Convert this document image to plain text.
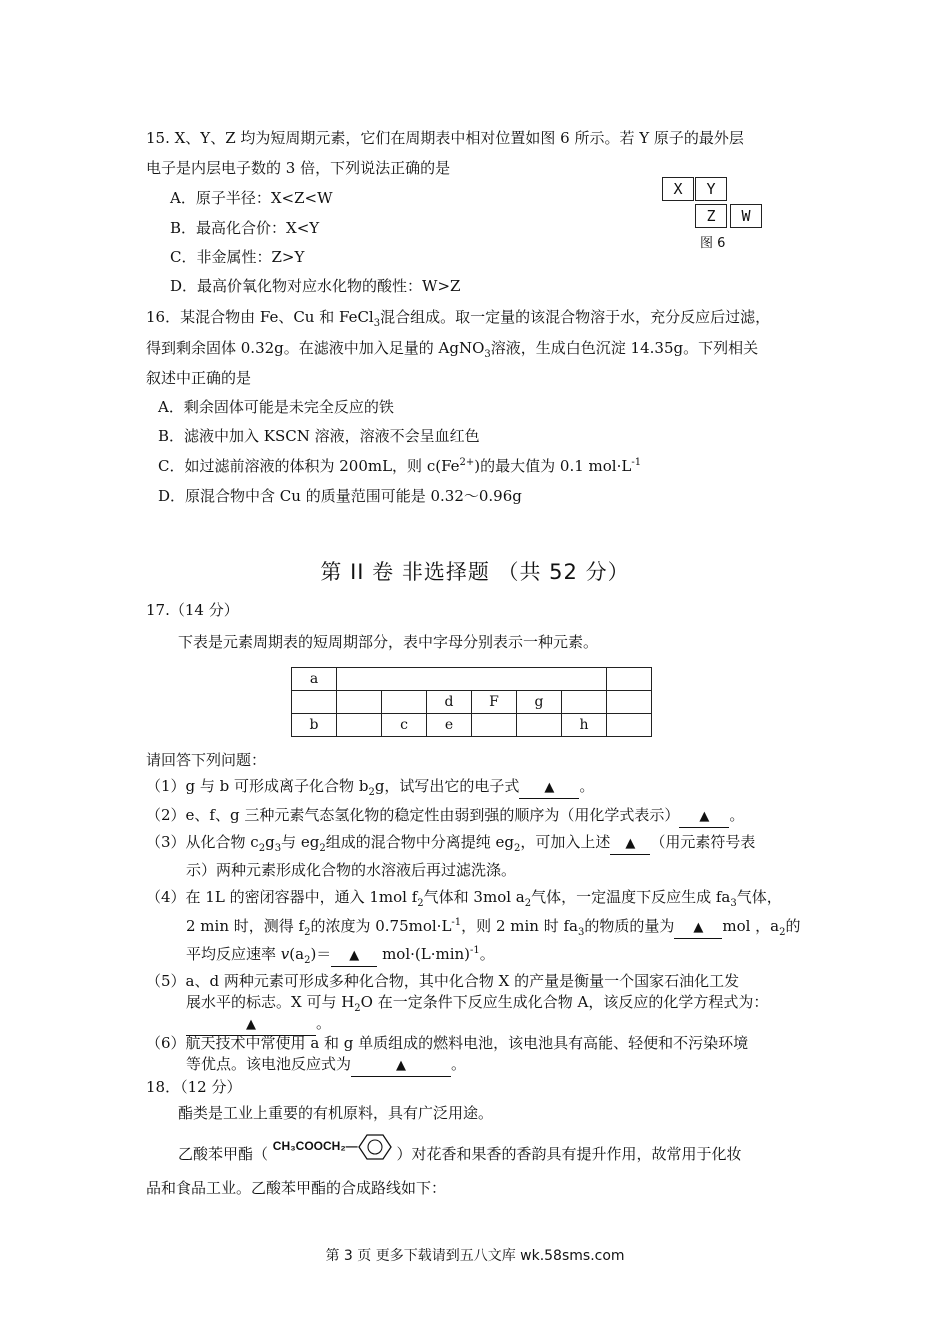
15. X、Y、Z 均为短周期元素，它们在周期表中相对位置如图 6 所示。若 Y 原子的最外层
电子是内层电子数的 3 倍，下列说法正确的是
A．原子半径：X<Z<W
B．最高化合价：X<Y
C．非金属性：Z>Y
D．最高价氧化物对应水化物的酸性：W>Z
X	Y
Z	W
图 6
16．某混合物由 Fe、Cu 和 FeCl$_3$混合组成。取一定量的该混合物溶于水，充分反应后过滤，
得到剩余固体 0.32g。在滤液中加入足量的 AgNO$_3$溶液，生成白色沉淀 14.35g。下列相关
叙述中正确的是
A．剩余固体可能是未完全反应的铁
B．滤液中加入 KSCN 溶液，溶液不会呈血红色
C．如过滤前溶液的体积为 200mL，则 $c(Fe^{2+})$的最大值为 0.1 $mol\cdot L^{-1}$
D．原混合物中含 Cu 的质量范围可能是 0.32～0.96g
第 II 卷 非选择题 （共 52 分）
17.（14 分）
下表是元素周期表的短周期部分，表中字母分别表示一种元素。
a							
			d	F	g		
b		c	e			h	
请回答下列问题：
（1）g 与 b 可形成离子化合物 $b_2g$，试写出它的电子式 ▲ 。
（2）e、f、g 三种元素气态氢化物的稳定性由弱到强的顺序为（用化学式表示） ▲ 。
（3）从化合物 $c_2g_3$与 $eg_2$组成的混合物中分离提纯 $eg_2$，可加入上述 ▲ （用元素符号表
示）两种元素形成化合物的水溶液后再过滤洗涤。
（4）在 1L 的密闭容器中，通入 1mol $f_2$气体和 3mol $a_2$气体，一定温度下反应生成 $fa_3$气体，
2 min 时，测得 $f_2$的浓度为 $0.75mol\cdot L^{-1}$，则 2 min 时 $fa_3$的物质的量为 ▲ mol ，$a_2$的
平均反应速率 $v(a_2)=$ ▲ $mol\cdot(L\cdot\min)^{-1}$。
（5）a、d 两种元素可形成多种化合物，其中化合物 X 的产量是衡量一个国家石油化工发
展水平的标志。X 可与 $H_2O$ 在一定条件下反应生成化合物 A，该反应的化学方程式为：
▲	。
（6）航天技术中常使用 a 和 g 单质组成的燃料电池，该电池具有高能、轻便和不污染环境
等优点。该电池反应式为	▲	。
18．（12 分）
酯类是工业上重要的有机原料，具有广泛用途。
乙酸苯甲酯（ CH₃COOCH₂—	）对花香和果香的香韵具有提升作用，故常用于化妆
品和食品工业。乙酸苯甲酯的合成路线如下：
第 3 页 更多下载请到五八文库 wk.58sms.com
